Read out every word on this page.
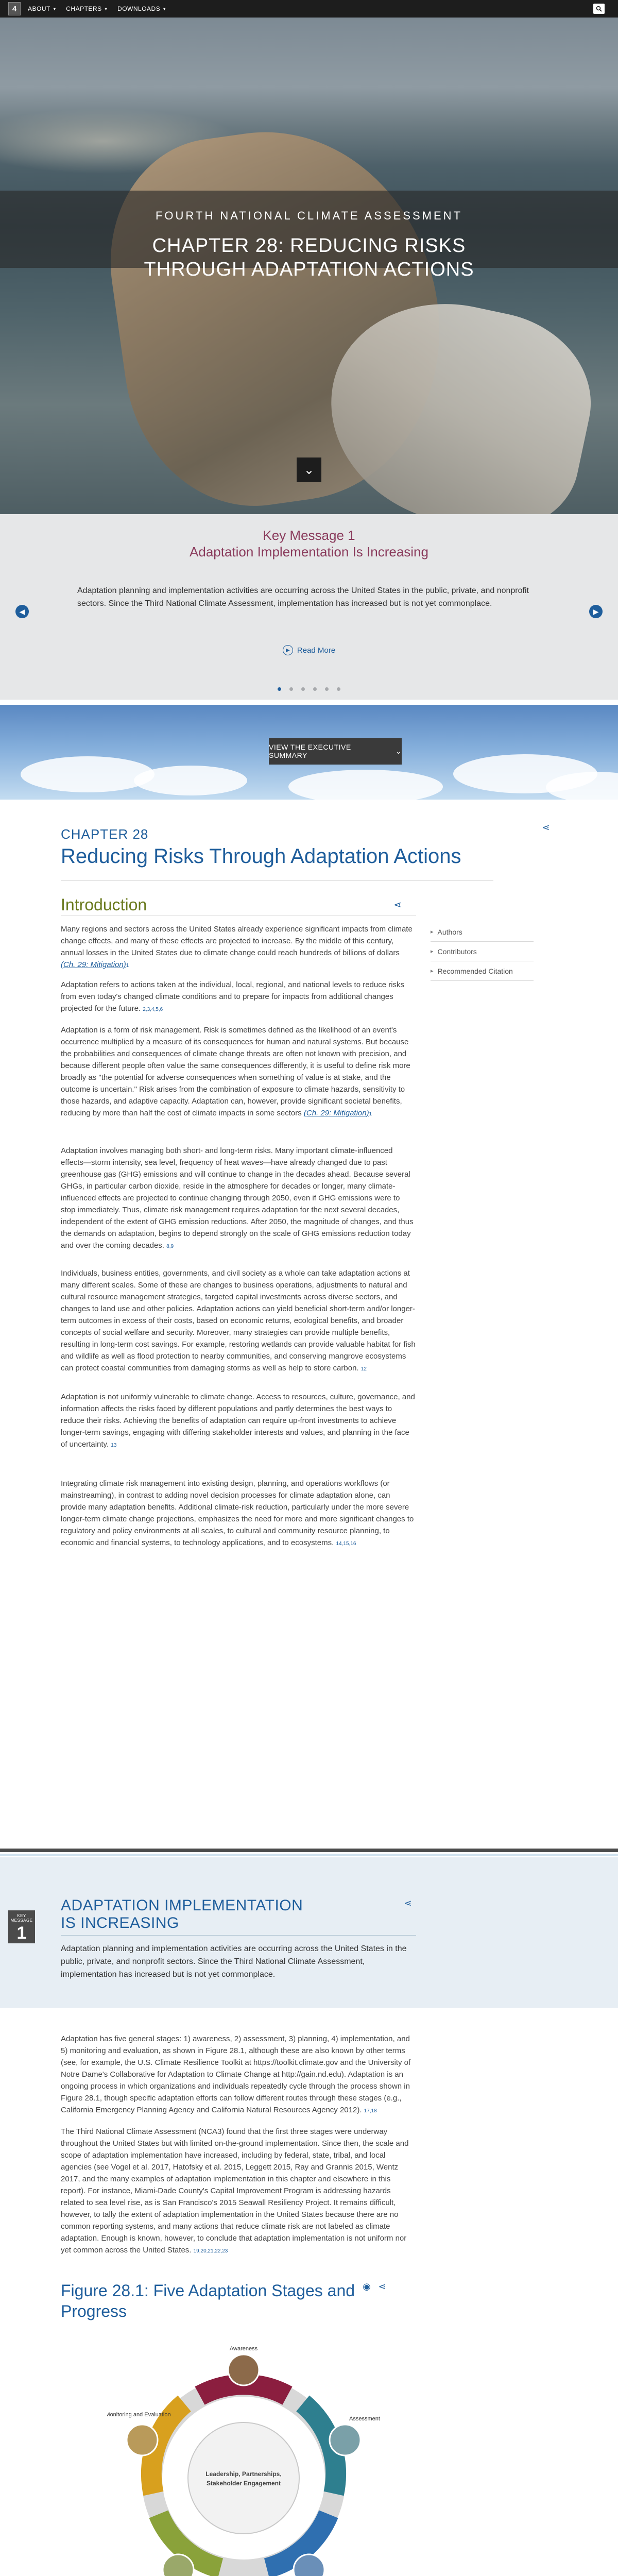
4	ABOUT ▼ CHAPTERS ▼ DOWNLOADS ▼
FOURTH NATIONAL CLIMATE ASSESSMENT
CHAPTER 28: REDUCING RISKS
THROUGH ADAPTATION ACTIONS
⌄
Key Message 1
Adaptation Implementation Is Increasing
◀
Adaptation planning and implementation activities are occurring across the United States in the public, private, and nonprofit sectors. Since the Third National Climate Assessment, implementation has increased but is not yet commonplace.
▶
▶ Read More
VIEW THE EXECUTIVE SUMMARY
⌄
⋖
CHAPTER 28
Reducing Risks Through Adaptation Actions
Introduction	⋖
▸ Authors
▸ Contributors
▸ Recommended Citation
Many regions and sectors across the United States already experience significant impacts from climate change effects, and many of these effects are projected to increase. By the middle of this century, annual losses in the United States due to climate change could reach hundreds of billions of dollars (Ch. 29: Mitigation)1
Adaptation refers to actions taken at the individual, local, regional, and national levels to reduce risks from even today's changed climate conditions and to prepare for impacts from additional changes projected for the future. 2,3,4,5,6
Adaptation is a form of risk management. Risk is sometimes defined as the likelihood of an event's occurrence multiplied by a measure of its consequences for human and natural systems. But because the probabilities and consequences of climate change threats are often not known with precision, and because different people often value the same consequences differently, it is useful to define risk more broadly as "the potential for adverse consequences when something of value is at stake, and the outcome is uncertain." Risk arises from the combination of exposure to climate hazards, sensitivity to those hazards, and adaptive capacity. Adaptation can, however, provide significant societal benefits, reducing by more than half the cost of climate impacts in some sectors (Ch. 29: Mitigation)1
Adaptation involves managing both short- and long-term risks. Many important climate-influenced effects—storm intensity, sea level, frequency of heat waves—have already changed due to past greenhouse gas (GHG) emissions and will continue to change in the decades ahead. Because several GHGs, in particular carbon dioxide, reside in the atmosphere for decades or longer, many climate-influenced effects are projected to continue changing through 2050, even if GHG emissions were to stop immediately. Thus, climate risk management requires adaptation for the next several decades, independent of the extent of GHG emission reductions. After 2050, the magnitude of changes, and thus the demands on adaptation, begins to depend strongly on the scale of GHG emissions reduction today and over the coming decades. 8,9
Individuals, business entities, governments, and civil society as a whole can take adaptation actions at many different scales. Some of these are changes to business operations, adjustments to natural and cultural resource management strategies, targeted capital investments across diverse sectors, and changes to land use and other policies. Adaptation actions can yield beneficial short-term and/or longer-term outcomes in excess of their costs, based on economic returns, ecological benefits, and broader concepts of social welfare and security. Moreover, many strategies can provide multiple benefits, resulting in long-term cost savings. For example, restoring wetlands can provide valuable habitat for fish and wildlife as well as flood protection to nearby communities, and conserving mangrove ecosystems can protect coastal communities from damaging storms as well as help to store carbon. 12
Adaptation is not uniformly vulnerable to climate change. Access to resources, culture, governance, and information affects the risks faced by different populations and partly determines the best ways to reduce their risks. Achieving the benefits of adaptation can require up-front investments to achieve longer-term savings, engaging with differing stakeholder interests and values, and planning in the face of uncertainty. 13
Integrating climate risk management into existing design, planning, and operations workflows (or mainstreaming), in contrast to adding novel decision processes for climate adaptation alone, can provide many adaptation benefits. Additional climate-risk reduction, particularly under the more severe longer-term climate change projections, emphasizes the need for more and more significant changes to regulatory and policy environments at all scales, to cultural and community resource planning, to economic and financial systems, to technology applications, and to ecosystems. 14,15,16
KEY MESSAGE
1
ADAPTATION IMPLEMENTATION
IS INCREASING
⋖
Adaptation planning and implementation activities are occurring across the United States in the public, private, and nonprofit sectors. Since the Third National Climate Assessment, implementation has increased but is not yet commonplace.
Adaptation has five general stages: 1) awareness, 2) assessment, 3) planning, 4) implementation, and 5) monitoring and evaluation, as shown in Figure 28.1, although these are also known by other terms (see, for example, the U.S. Climate Resilience Toolkit at https://toolkit.climate.gov and the University of Notre Dame's Collaborative for Adaptation to Climate Change at http://gain.nd.edu). Adaptation is an ongoing process in which organizations and individuals repeatedly cycle through the process shown in Figure 28.1, though specific adaptation efforts can follow different routes through these stages (e.g., California Emergency Planning Agency and California Natural Resources Agency 2012). 17,18
The Third National Climate Assessment (NCA3) found that the first three stages were underway throughout the United States but with limited on-the-ground implementation. Since then, the scale and scope of adaptation implementation have increased, including by federal, state, tribal, and local agencies (see Vogel et al. 2017, Hatofsky et al. 2015, Leggett 2015, Ray and Grannis 2015, Wentz 2017, and the many examples of adaptation implementation in this chapter and elsewhere in this report). For instance, Miami-Dade County's Capital Improvement Program is addressing hazards related to sea level rise, as is San Francisco's 2015 Seawall Resiliency Project. It remains difficult, however, to tally the extent of adaptation implementation in the United States because there are no common reporting systems, and many actions that reduce climate risk are not labeled as climate adaptation. Enough is known, however, to conclude that adaptation implementation is not uniform nor yet common across the United States. 19,20,21,22,23
Figure 28.1: Five Adaptation Stages and Progress
◉ ⋖
Awareness
Assessment
Monitoring and Evaluation
Leadership, Partnerships,
Stakeholder Engagement
